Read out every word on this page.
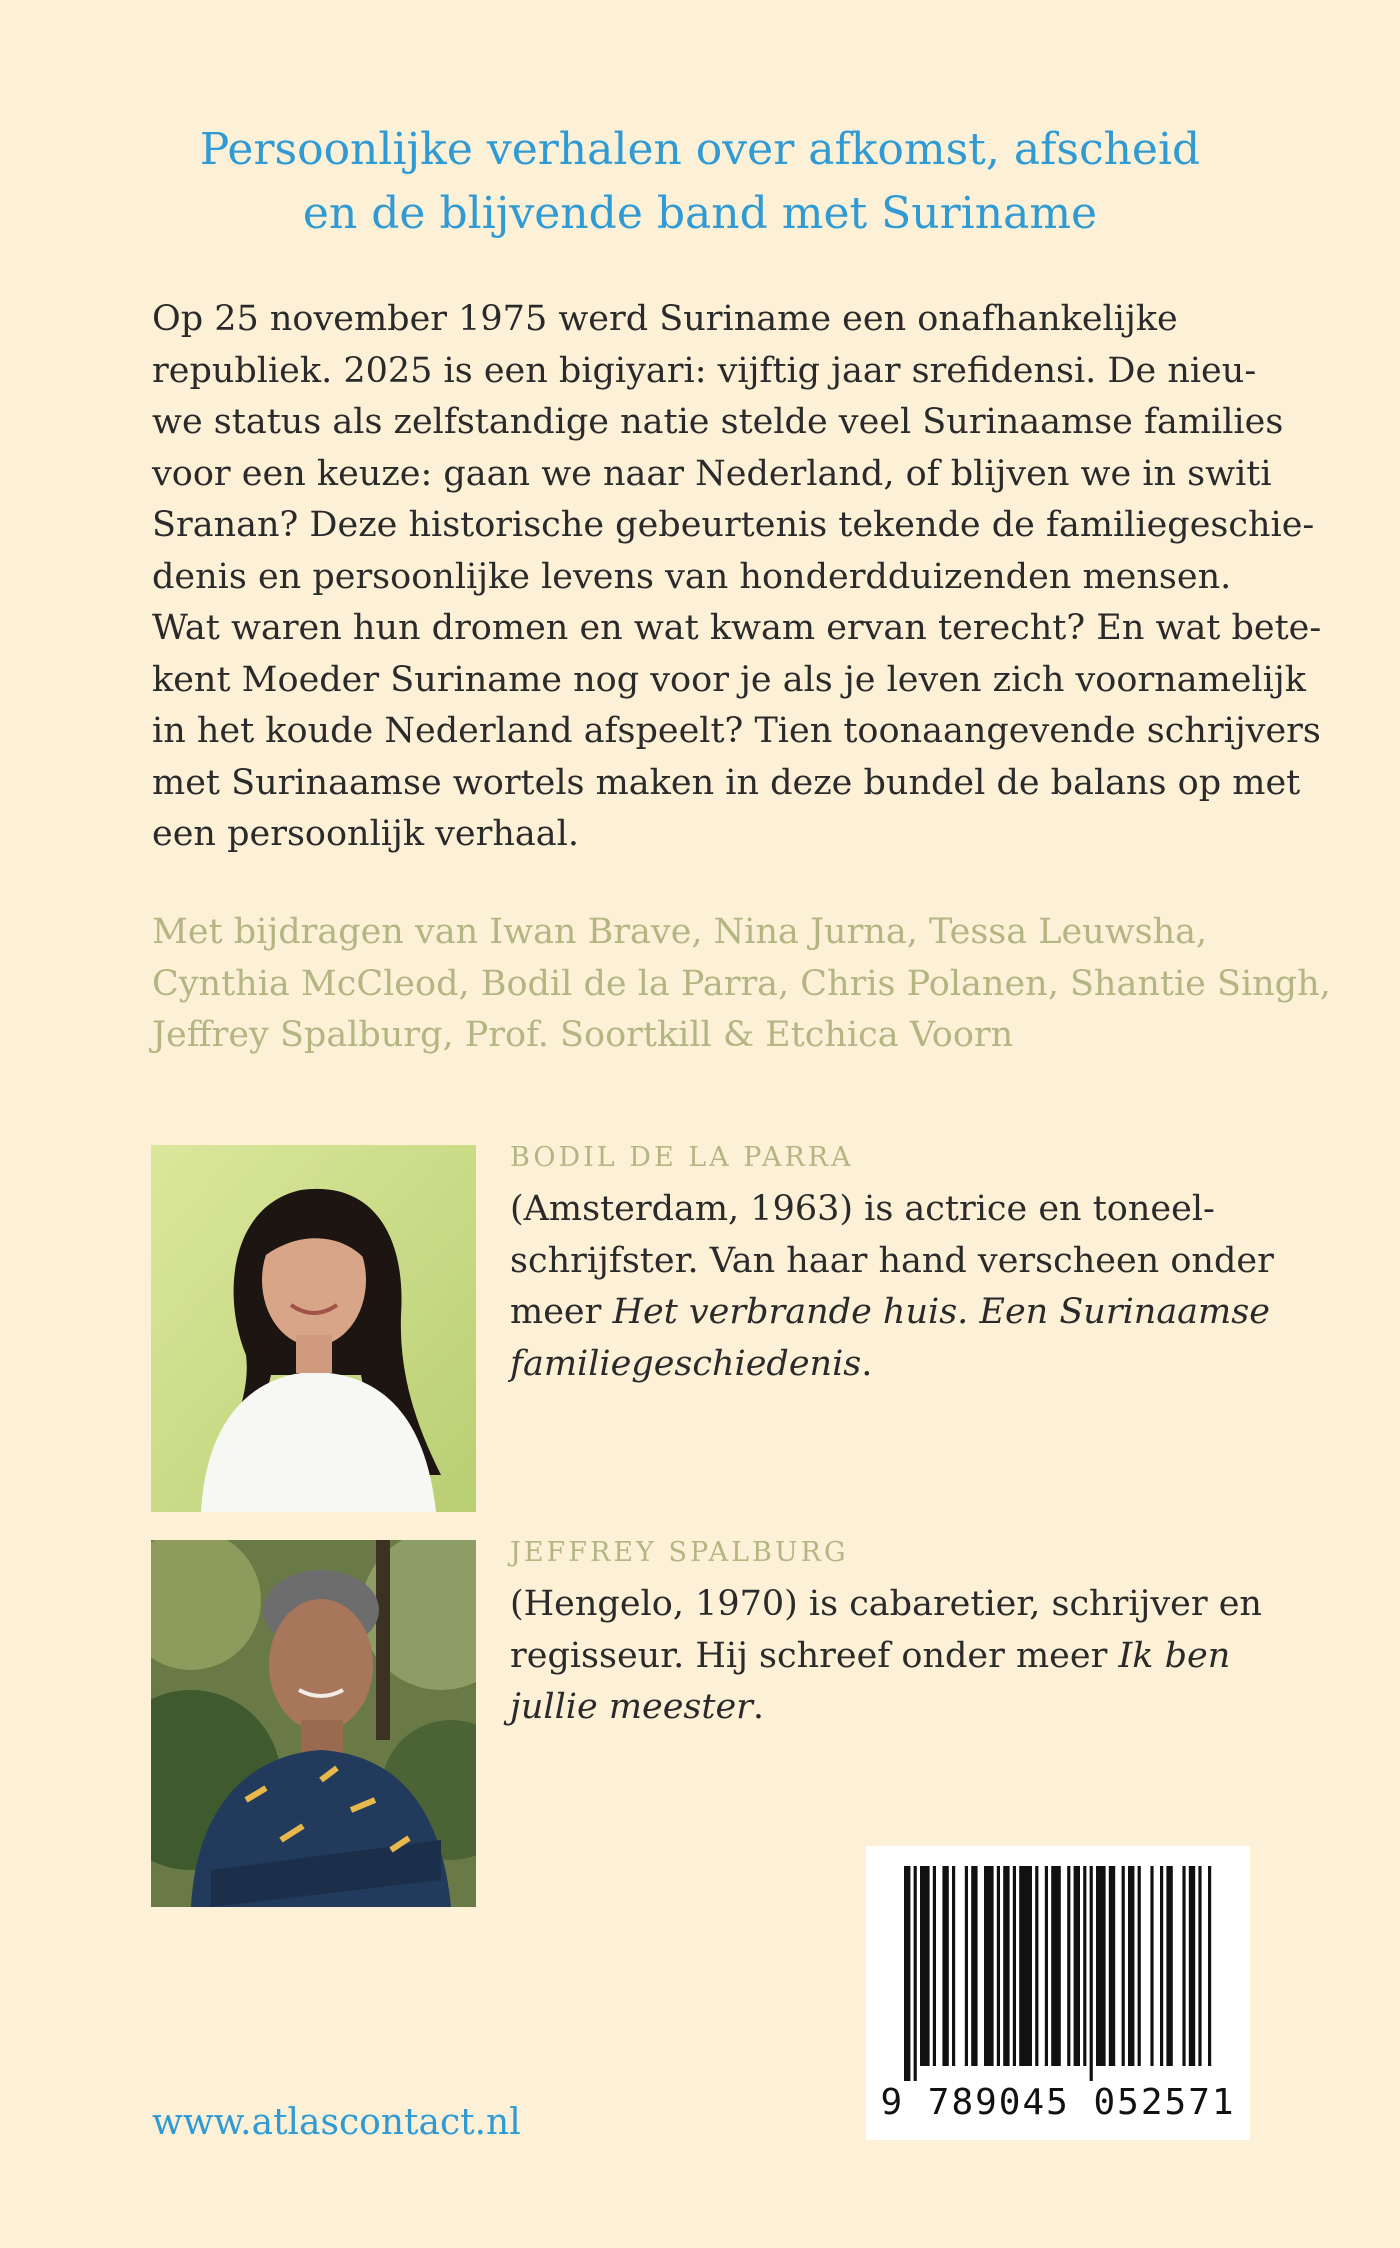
Persoonlijke verhalen over afkomst, afscheid
en de blijvende band met Suriname

Op 25 november 1975 werd Suriname een onafhankelijke
republiek. 2025 is een bigiyari: vijftig jaar srefidensi. De nieu-
we status als zelfstandige natie stelde veel Surinaamse families
voor een keuze: gaan we naar Nederland, of blijven we in switi
Sranan? Deze historische gebeurtenis tekende de familiegeschie-
denis en persoonlijke levens van honderdduizenden mensen.
Wat waren hun dromen en wat kwam ervan terecht? En wat bete-
kent Moeder Suriname nog voor je als je leven zich voornamelijk
in het koude Nederland afspeelt? Tien toonaangevende schrijvers
met Surinaamse wortels maken in deze bundel de balans op met
een persoonlijk verhaal.

Met bijdragen van Iwan Brave, Nina Jurna, Tessa Leuwsha,
Cynthia McCleod, Bodil de la Parra, Chris Polanen, Shantie Singh,
Jeffrey Spalburg, Prof. Soortkill & Etchica Voorn

BODIL DE LA PARRA

(Amsterdam, 1963) is actrice en toneel-
schrijfster. Van haar hand verscheen onder
meer Het verbrande huis. Een Surinaamse
familiegeschiedenis.

JEFFREY SPALBURG

(Hengelo, 1970) is cabaretier, schrijver en
regisseur. Hij schreef onder meer Ik ben
jullie meester.

www.atlascontact.nl	9 789045 052571
